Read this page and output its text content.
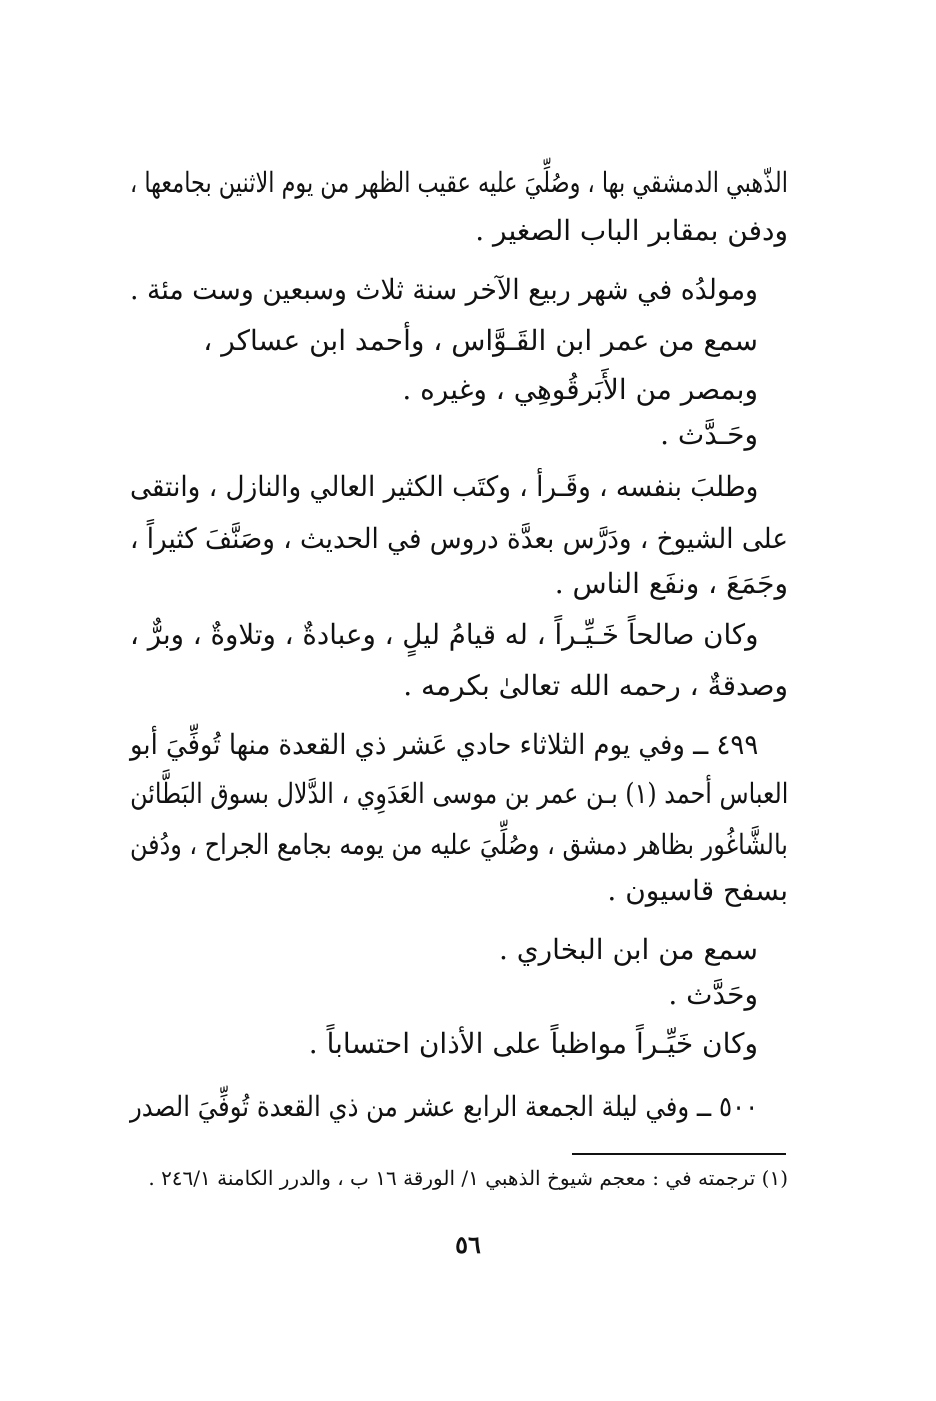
الذّهبي الدمشقي بها ، وصُلِّيَ عليه عقيب الظهر من يوم الاثنين بجامعها ،

ودفن بمقابر الباب الصغير .

ومولدُه في شهر ربيع الآخر سنة ثلاث وسبعين وست مئة .

سمع من عمر ابن القَـوَّاس ، وأحمد ابن عساكر ،

وبمصر من الأَبَرقُوهِي ، وغيره .

وحَـدَّث .

وطلبَ بنفسه ، وقَـرأ ، وكتَب الكثير العالي والنازل ، وانتقى

على الشيوخ ، ودَرَّس بعدَّة دروس في الحديث ، وصَنَّفَ كثيراً ،

وجَمَعَ ، ونفَع الناس .

وكان صالحاً خَـيِّـراً ، له قيامُ ليلٍ ، وعبادةٌ ، وتلاوةٌ ، وبرٌّ ،

وصدقةٌ ، رحمه الله تعالىٰ بكرمه .

٤٩٩ ــ وفي يوم الثلاثاء حادي عَشر ذي القعدة منها تُوفِّيَ أبو

العباس أحمد (١) بـن عمر بن موسى العَدَوِي ، الدَّلال بسوق البَطَّائن

بالشَّاغُور بظاهر دمشق ، وصُلِّيَ عليه من يومه بجامع الجراح ، ودُفن

بسفح قاسيون .

سمع من ابن البخاري .

وحَدَّث .

وكان خَيِّـراً مواظباً على الأذان احتساباً .

٥٠٠ ــ وفي ليلة الجمعة الرابع عشر من ذي القعدة تُوفِّيَ الصدر

(١) ترجمته في : معجم شيوخ الذهبي ١/ الورقة ١٦ ب ، والدرر الكامنة ٢٤٦/١ .
٥٦
